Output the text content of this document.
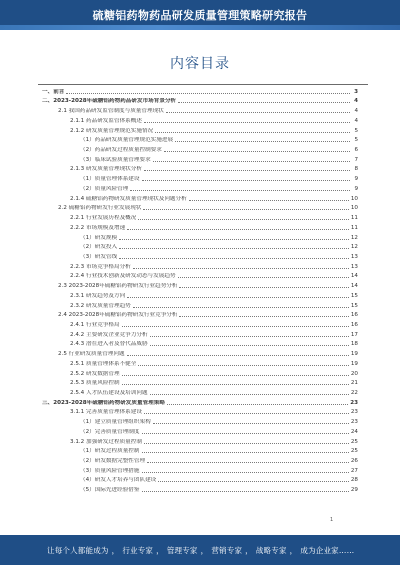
硫糖铝药物药品研发质量管理策略研究报告
内容目录
一、前言	3
二、2023-2028年硫糖铝药物药品研发市场背景分析	4
2.1 我国药品研发监管制度与质量管理现状	4
2.1.1 药品研发监管体系概述	4
2.1.2 研发质量管理规范实施情况	5
（1）药品研发质量管理规范实施进展	5
（2）药品研发过程质量控制要求	6
（3）临床试验质量管理要求	7
2.1.3 研发质量管理现状分析	8
（1）质量管理体系建设	9
（2）质量风险管理	9
2.1.4 硫糖铝药物研发质量管理现状及问题分析	10
2.2 硫糖铝药物研发行业发展现状	10
2.2.1 行业发展历程及概况	11
2.2.2 市场规模及增速	11
（1）研发规模	12
（2）研发投入	12
（3）研发管线	13
2.2.3 市场竞争格局分析	13
2.2.4 行业技术创新及研发动态与发展趋势	14
2.3 2023-2028年硫糖铝药物研发行业趋势分析	14
2.3.1 研发趋势及方向	15
2.3.2 研发质量管理趋势	15
2.4 2023-2028年硫糖铝药物研发行业竞争分析	16
2.4.1 行业竞争格局	16
2.4.2 主要研发企业竞争力分析	17
2.4.3 潜在进入者及替代品威胁	18
2.5 行业研发质量管理问题	19
2.5.1 质量管理体系不健全	19
2.5.2 研发数据管理	20
2.5.3 质量风险控制	21
2.5.4 人才队伍建设及培训问题	22
三、2023-2028年硫糖铝药物研发质量管理策略	23
3.1.1 完善质量管理体系建设	23
（1）建立质量管理组织架构	23
（2）完善质量管理制度	24
3.1.2 加强研发过程质量控制	25
（1）研发过程质量控制	25
（2）研发数据完整性管理	26
（3）质量风险管理措施	27
（4）研发人才培养与团队建设	28
（5）国际先进经验借鉴	29
1
让每个人都能成为 ， 行业专家 ， 管理专家 ， 营销专家 ， 战略专家 ， 成为企业家……
